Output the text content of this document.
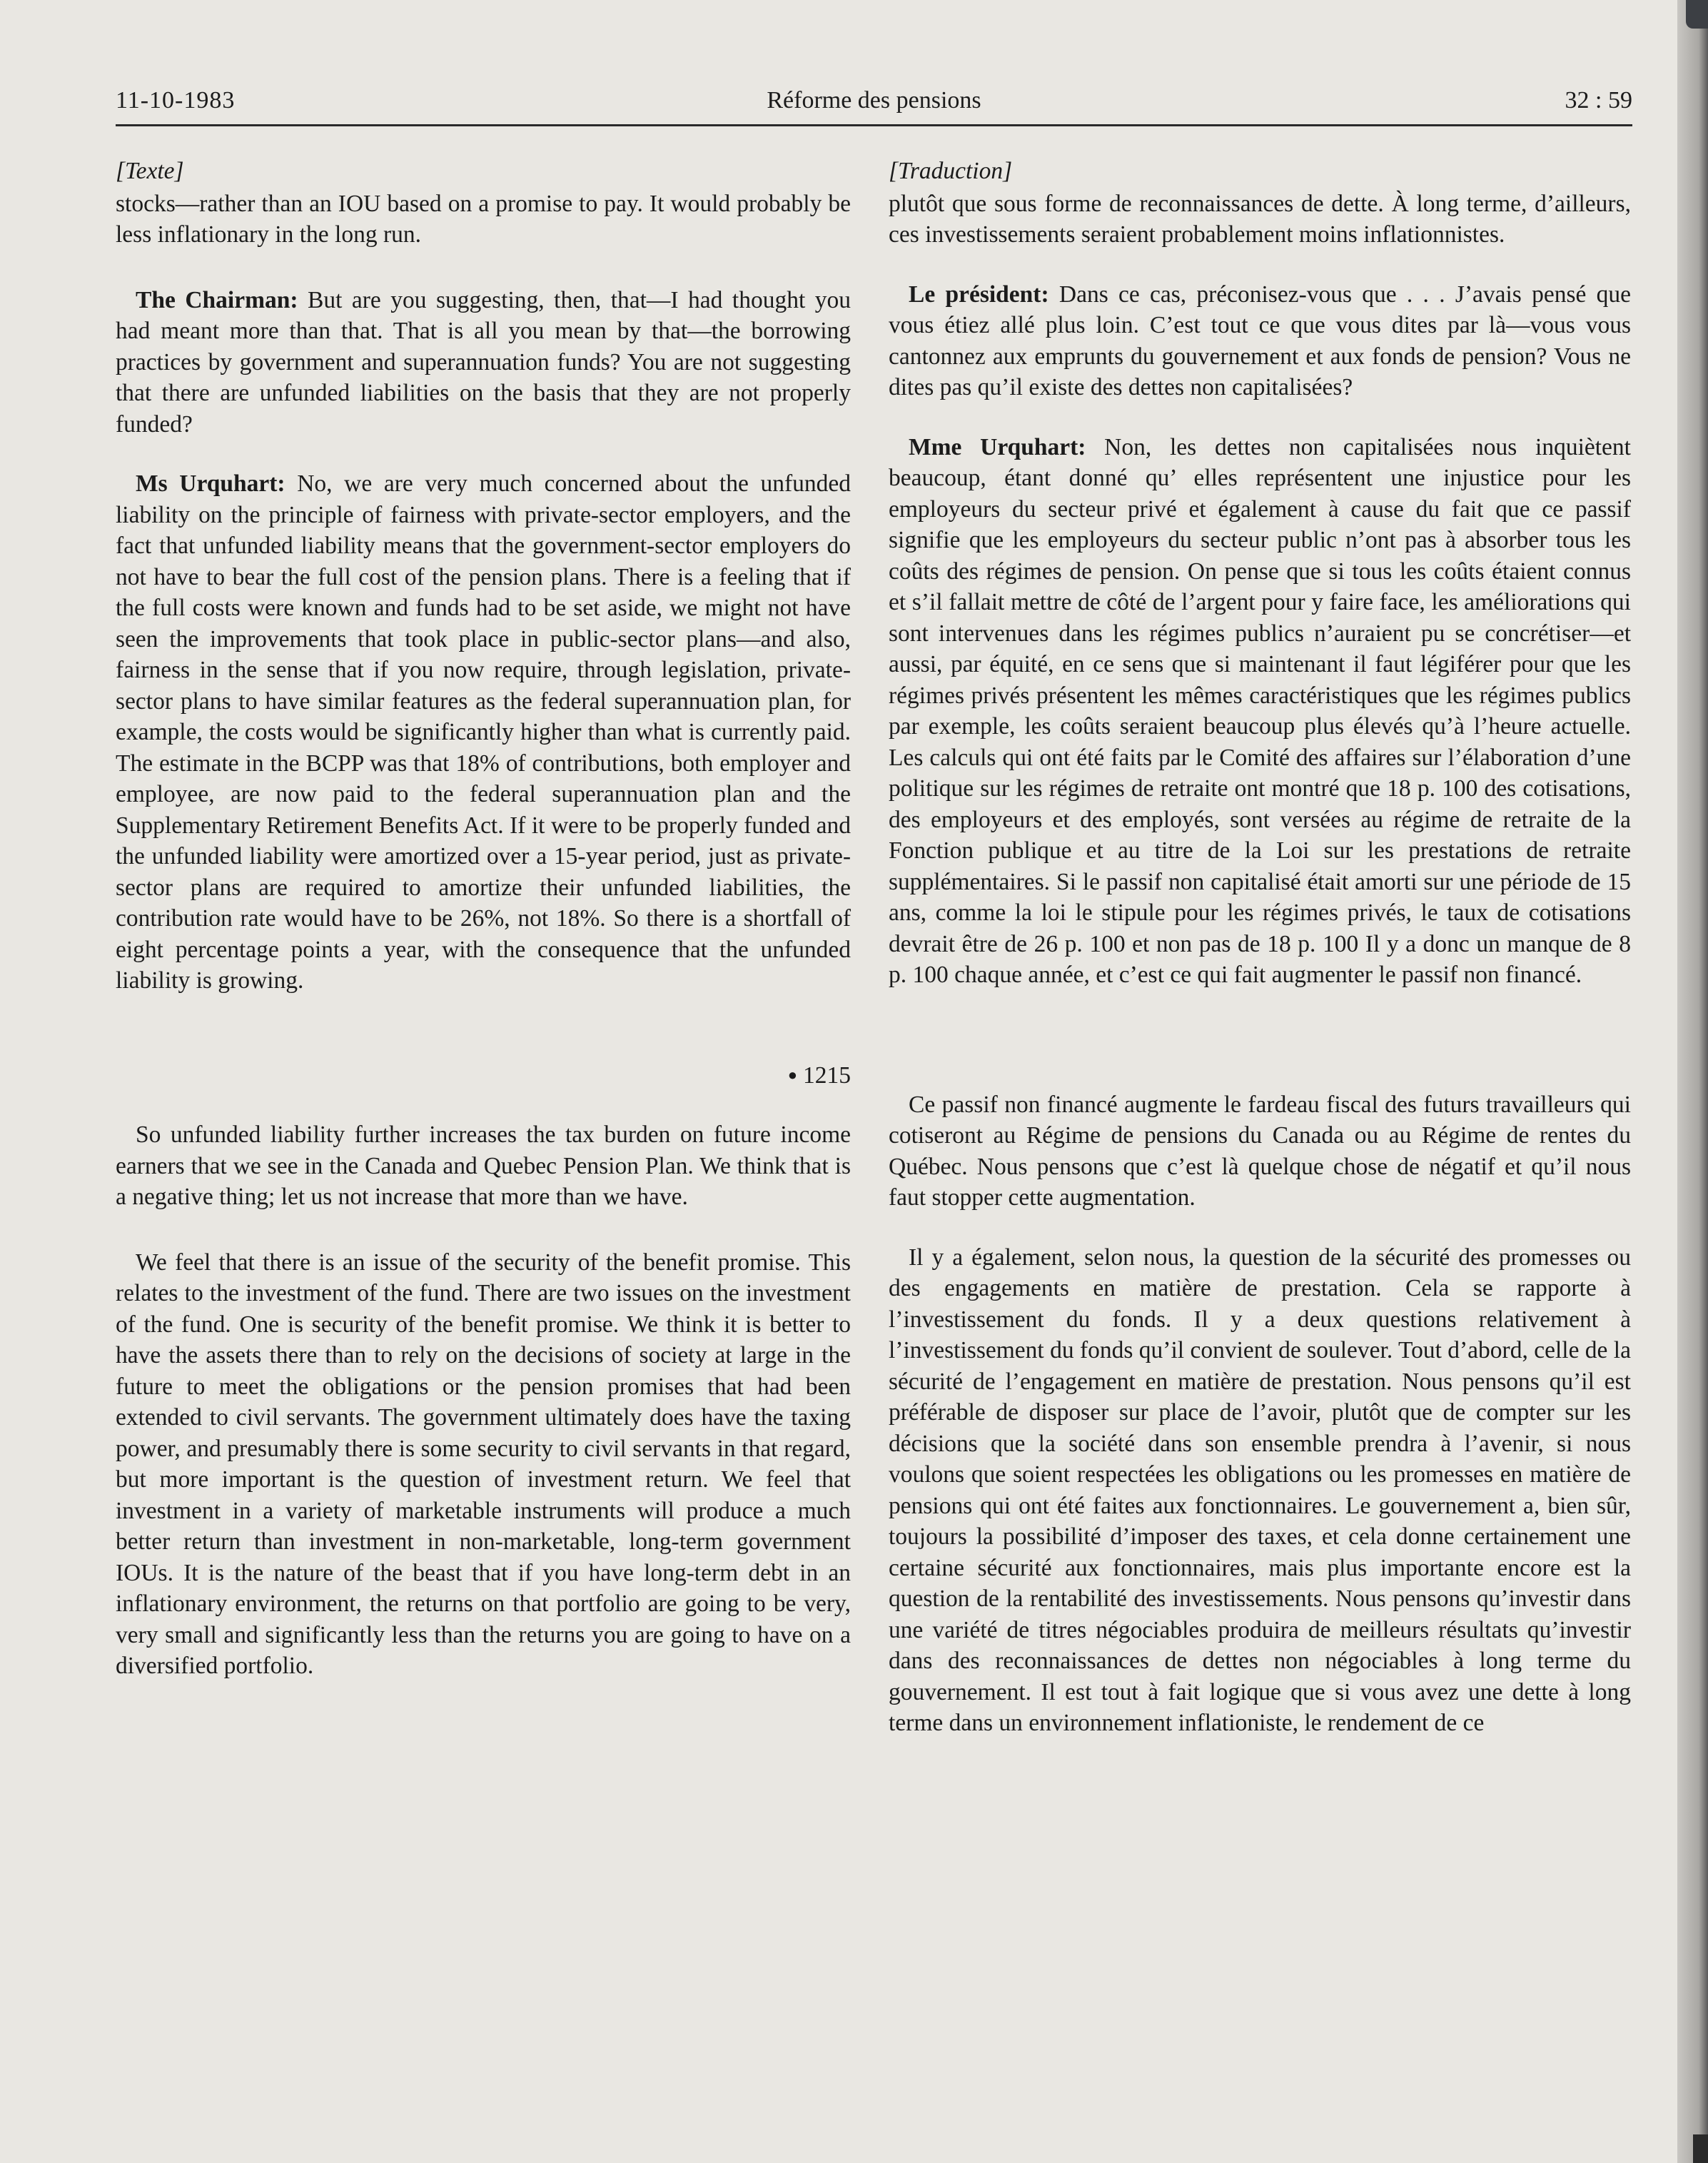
11-10-1983	Réforme des pensions	32 : 59

[Texte]

stocks—rather than an IOU based on a promise to pay. It would probably be less inflationary in the long run.

The Chairman: But are you suggesting, then, that—I had thought you had meant more than that. That is all you mean by that—the borrowing practices by government and superannuation funds? You are not suggesting that there are unfunded liabilities on the basis that they are not properly funded?

Ms Urquhart: No, we are very much concerned about the unfunded liability on the principle of fairness with private-sector employers, and the fact that unfunded liability means that the government-sector employers do not have to bear the full cost of the pension plans. There is a feeling that if the full costs were known and funds had to be set aside, we might not have seen the improvements that took place in public-sector plans—and also, fairness in the sense that if you now require, through legislation, private-sector plans to have similar features as the federal superannuation plan, for example, the costs would be significantly higher than what is currently paid. The estimate in the BCPP was that 18% of contributions, both employer and employee, are now paid to the federal superannuation plan and the Supplementary Retirement Benefits Act. If it were to be properly funded and the unfunded liability were amortized over a 15-year period, just as private-sector plans are required to amortize their unfunded liabilities, the contribution rate would have to be 26%, not 18%. So there is a shortfall of eight percentage points a year, with the consequence that the unfunded liability is growing.

● 1215

So unfunded liability further increases the tax burden on future income earners that we see in the Canada and Quebec Pension Plan. We think that is a negative thing; let us not increase that more than we have.

We feel that there is an issue of the security of the benefit promise. This relates to the investment of the fund. There are two issues on the investment of the fund. One is security of the benefit promise. We think it is better to have the assets there than to rely on the decisions of society at large in the future to meet the obligations or the pension promises that had been extended to civil servants. The government ultimately does have the taxing power, and presumably there is some security to civil servants in that regard, but more important is the question of investment return. We feel that investment in a variety of marketable instruments will produce a much better return than investment in non-marketable, long-term government IOUs. It is the nature of the beast that if you have long-term debt in an inflationary environment, the returns on that portfolio are going to be very, very small and significantly less than the returns you are going to have on a diversified portfolio.

[Traduction]

plutôt que sous forme de reconnaissances de dette. À long terme, d’ailleurs, ces investissements seraient probablement moins inflationnistes.

Le président: Dans ce cas, préconisez-vous que . . . J’avais pensé que vous étiez allé plus loin. C’est tout ce que vous dites par là—vous vous cantonnez aux emprunts du gouvernement et aux fonds de pension? Vous ne dites pas qu’il existe des dettes non capitalisées?

Mme Urquhart: Non, les dettes non capitalisées nous inquiètent beaucoup, étant donné qu’ elles représentent une injustice pour les employeurs du secteur privé et également à cause du fait que ce passif signifie que les employeurs du secteur public n’ont pas à absorber tous les coûts des régimes de pension. On pense que si tous les coûts étaient connus et s’il fallait mettre de côté de l’argent pour y faire face, les améliorations qui sont intervenues dans les régimes publics n’auraient pu se concrétiser—et aussi, par équité, en ce sens que si maintenant il faut légiférer pour que les régimes privés présentent les mêmes caractéristiques que les régimes publics par exemple, les coûts seraient beaucoup plus élevés qu’à l’heure actuelle. Les calculs qui ont été faits par le Comité des affaires sur l’élaboration d’une politique sur les régimes de retraite ont montré que 18 p. 100 des cotisations, des employeurs et des employés, sont versées au régime de retraite de la Fonction publique et au titre de la Loi sur les prestations de retraite supplémentaires. Si le passif non capitalisé était amorti sur une période de 15 ans, comme la loi le stipule pour les régimes privés, le taux de cotisations devrait être de 26 p. 100 et non pas de 18 p. 100 Il y a donc un manque de 8 p. 100 chaque année, et c’est ce qui fait augmenter le passif non financé.

Ce passif non financé augmente le fardeau fiscal des futurs travailleurs qui cotiseront au Régime de pensions du Canada ou au Régime de rentes du Québec. Nous pensons que c’est là quelque chose de négatif et qu’il nous faut stopper cette augmentation.

Il y a également, selon nous, la question de la sécurité des promesses ou des engagements en matière de prestation. Cela se rapporte à l’investissement du fonds. Il y a deux questions relativement à l’investissement du fonds qu’il convient de soulever. Tout d’abord, celle de la sécurité de l’engagement en matière de prestation. Nous pensons qu’il est préférable de disposer sur place de l’avoir, plutôt que de compter sur les décisions que la société dans son ensemble prendra à l’avenir, si nous voulons que soient respectées les obligations ou les promesses en matière de pensions qui ont été faites aux fonctionnaires. Le gouvernement a, bien sûr, toujours la possibilité d’imposer des taxes, et cela donne certainement une certaine sécurité aux fonctionnaires, mais plus importante encore est la question de la rentabilité des investissements. Nous pensons qu’investir dans une variété de titres négociables produira de meilleurs résultats qu’investir dans des reconnaissances de dettes non négociables à long terme du gouvernement. Il est tout à fait logique que si vous avez une dette à long terme dans un environnement inflationiste, le rendement de ce
